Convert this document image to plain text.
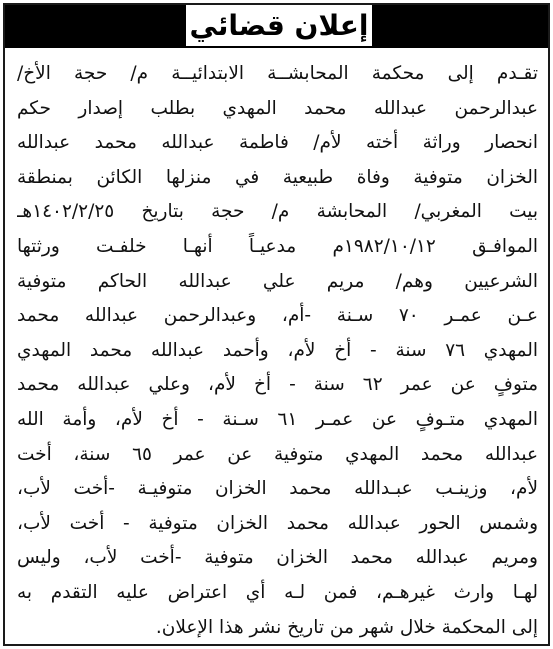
إعلان قضائي
تقـدم إلى محكمة المحابشــة الابتدائيــة م/ حجة الأخ/
عبدالرحمن عبدالله محمد المهدي بطلب إصدار حكم
انحصار وراثة أخته لأم/ فاطمة عبدالله محمد عبدالله
الخزان متوفية وفاة طبيعية في منزلها الكائن بمنطقة
بيت المغربي/ المحابشة م/ حجة بتاريخ ١٤٠٢/٢/٢٥هـ
الموافـق ١٩٨٢/١٠/١٢م مدعيـاً أنهـا خلفـت ورثتها
الشرعيين وهم/ مريم علي عبدالله الحاكم متوفية
عـن عمـر ٧٠ سـنة -أم، وعبدالرحمن عبدالله محمد
المهدي ٧٦ سنة - أخ لأم، وأحمد عبدالله محمد المهدي
متوفٍ عن عمر ٦٢ سنة - أخ لأم، وعلي عبدالله محمد
المهدي متـوفٍ عن عمـر ٦١ سـنة - أخ لأم، وأمة الله
عبدالله محمد المهدي متوفية عن عمر ٦٥ سنة، أخت
لأم، وزينـب عبـدالله محمد الخزان متوفيـة -أخت لأب،
وشمس الحور عبدالله محمد الخزان متوفية - أخت لأب،
ومريم عبدالله محمد الخزان متوفية -أخت لأب، وليس
لهـا وارث غيرهـم، فمن لـه أي اعتراض عليه التقدم به
إلى المحكمة خلال شهر من تاريخ نشر هذا الإعلان.
